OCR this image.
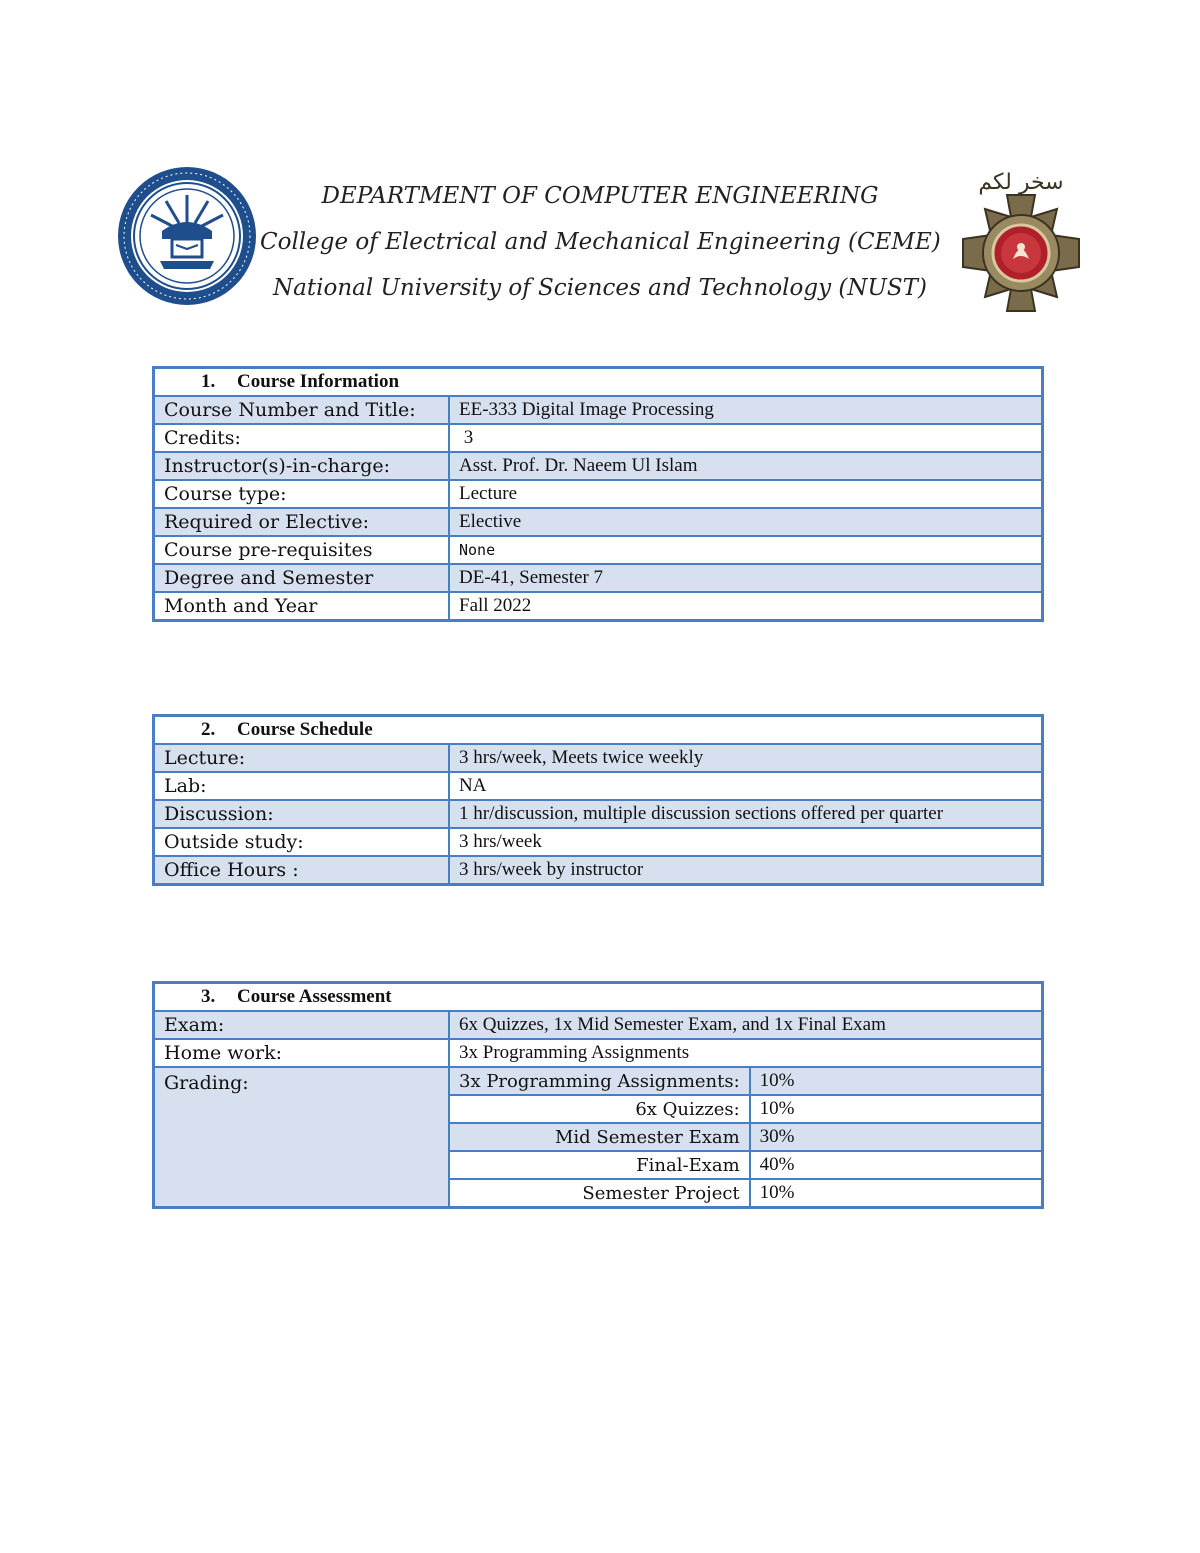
DEPARTMENT OF COMPUTER ENGINEERING
College of Electrical and Mechanical Engineering (CEME)
National University of Sciences and Technology (NUST)
سخر لکم
1. Course Information	
Course Number and Title:	EE-333 Digital Image Processing
Credits:	3
Instructor(s)-in-charge:	Asst. Prof. Dr. Naeem Ul Islam
Course type:	Lecture
Required or Elective:	Elective
Course pre-requisites	None
Degree and Semester	DE-41, Semester 7
Month and Year	Fall 2022
2. Course Schedule	
Lecture:	3 hrs/week, Meets twice weekly
Lab:	NA
Discussion:	1 hr/discussion, multiple discussion sections offered per quarter
Outside study:	3 hrs/week
Office Hours :	3 hrs/week by instructor
3. Course Assessment
Exam:	6x Quizzes, 1x Mid Semester Exam, and 1x Final Exam
Home work:	3x Programming Assignments
Grading:		3x Programming Assignments:	10%
6x Quizzes:	10%
Mid Semester Exam	30%
Final-Exam	40%
Semester Project	10%
